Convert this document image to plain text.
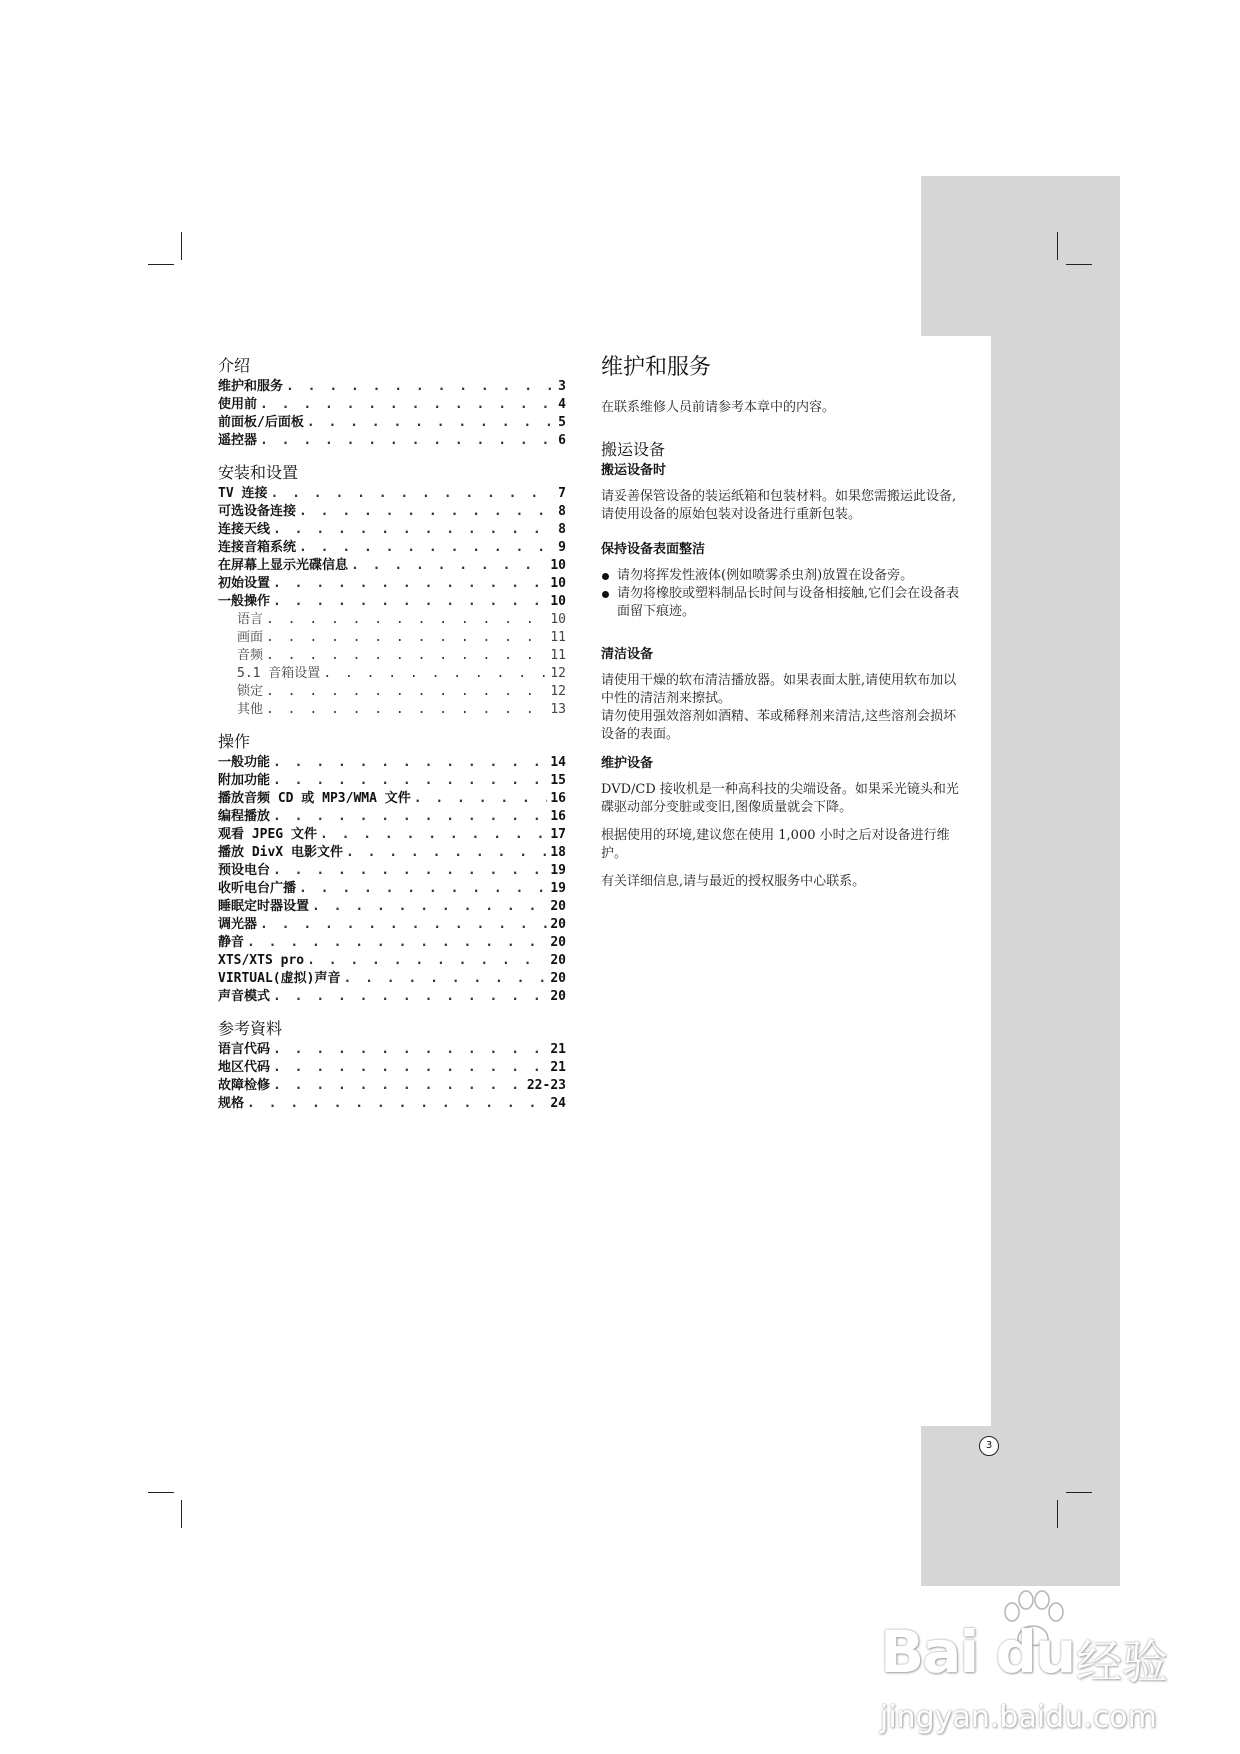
介绍
维护和服务 . . .	3
使用前 . . .	4
前面板/后面板 . . .	5
遥控器 . . .	6
安装和设置
TV 连接 . . .	7
可选设备连接 . . .	8
连接天线 . . .	8
连接音箱系统 . . .	9
在屏幕上显示光碟信息 . . .	10
初始设置 . . .	10
一般操作 . . .	10
语言 . . .	10
画面 . . .	11
音频 . . .	11
5.1 音箱设置 . . .	12
锁定 . . .	12
其他 . . .	13
操作
一般功能 . . .	14
附加功能 . . .	15
播放音频 CD 或 MP3/WMA 文件 . . .	16
编程播放 . . .	16
观看 JPEG 文件 . . .	17
播放 DivX 电影文件 . . .	18
预设电台 . . .	19
收听电台广播 . . .	19
睡眠定时器设置 . . .	20
调光器 . . .	20
静音 . . .	20
XTS/XTS pro . . .	20
VIRTUAL(虚拟)声音 . . .	20
声音模式 . . .	20
参考資料
语言代码 . . .	21
地区代码 . . .	21
故障检修 . . .	22-23
规格 . . .	24
维护和服务

在联系维修人员前请参考本章中的内容。

搬运设备
搬运设备时

请妥善保管设备的装运纸箱和包装材料。如果您需搬运此设备,请使用设备的原始包装对设备进行重新包装。

保持设备表面整洁
请勿将挥发性液体(例如喷雾杀虫剂)放置在设备旁。
请勿将橡胶或塑料制品长时间与设备相接触,它们会在设备表面留下痕迹。
清洁设备

请使用干燥的软布清洁播放器。如果表面太脏,请使用软布加以中性的清洁剂来擦拭。

请勿使用强效溶剂如酒精、苯或稀释剂来清洁,这些溶剂会损坏设备的表面。

维护设备

DVD/CD 接收机是一种高科技的尖端设备。如果采光镜头和光碟驱动部分变脏或变旧,图像质量就会下降。

根据使用的环境,建议您在使用 1,000 小时之后对设备进行维护。

有关详细信息,请与最近的授权服务中心联系。

3
Bai du 经验
jingyan.baidu.com
